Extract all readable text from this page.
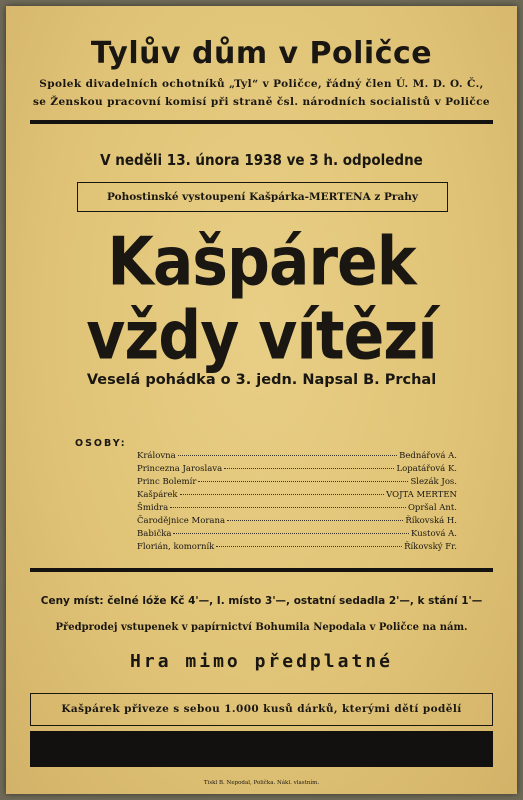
Tylův dům v Poličce
Spolek divadelních ochotníků „Tyl“ v Poličce, řádný člen Ú. M. D. O. Č.,
se Ženskou pracovní komisí při straně čsl. národních socialistů v Poličce
V neděli 13. února 1938 ve 3 h. odpoledne
Pohostinské vystoupení Kašpárka-MERTENA z Prahy
Kašpárek
vždy vítězí
Veselá pohádka o 3. jedn. Napsal B. Prchal
OSOBY:
Královna	Bednářová A.
Princezna Jaroslava	Lopatářová K.
Princ Bolemír	Slezák Jos.
Kašpárek	VOJTA MERTEN
Šmidra	Opršal Ant.
Čarodějnice Morana	Říkovská H.
Babička	Kustová A.
Florián, komorník	Říkovský Fr.
Ceny míst: čelné lóže Kč 4'—, I. místo 3'—, ostatní sedadla 2'—, k stání 1'—
Předprodej vstupenek v papírnictví Bohumila Nepodala v Poličce na nám.
Hra mimo předplatné
Kašpárek přiveze s sebou 1.000 kusů dárků, kterými dětí podělí
Tiskl B. Nepodal, Polička. Nákl. vlastním.
